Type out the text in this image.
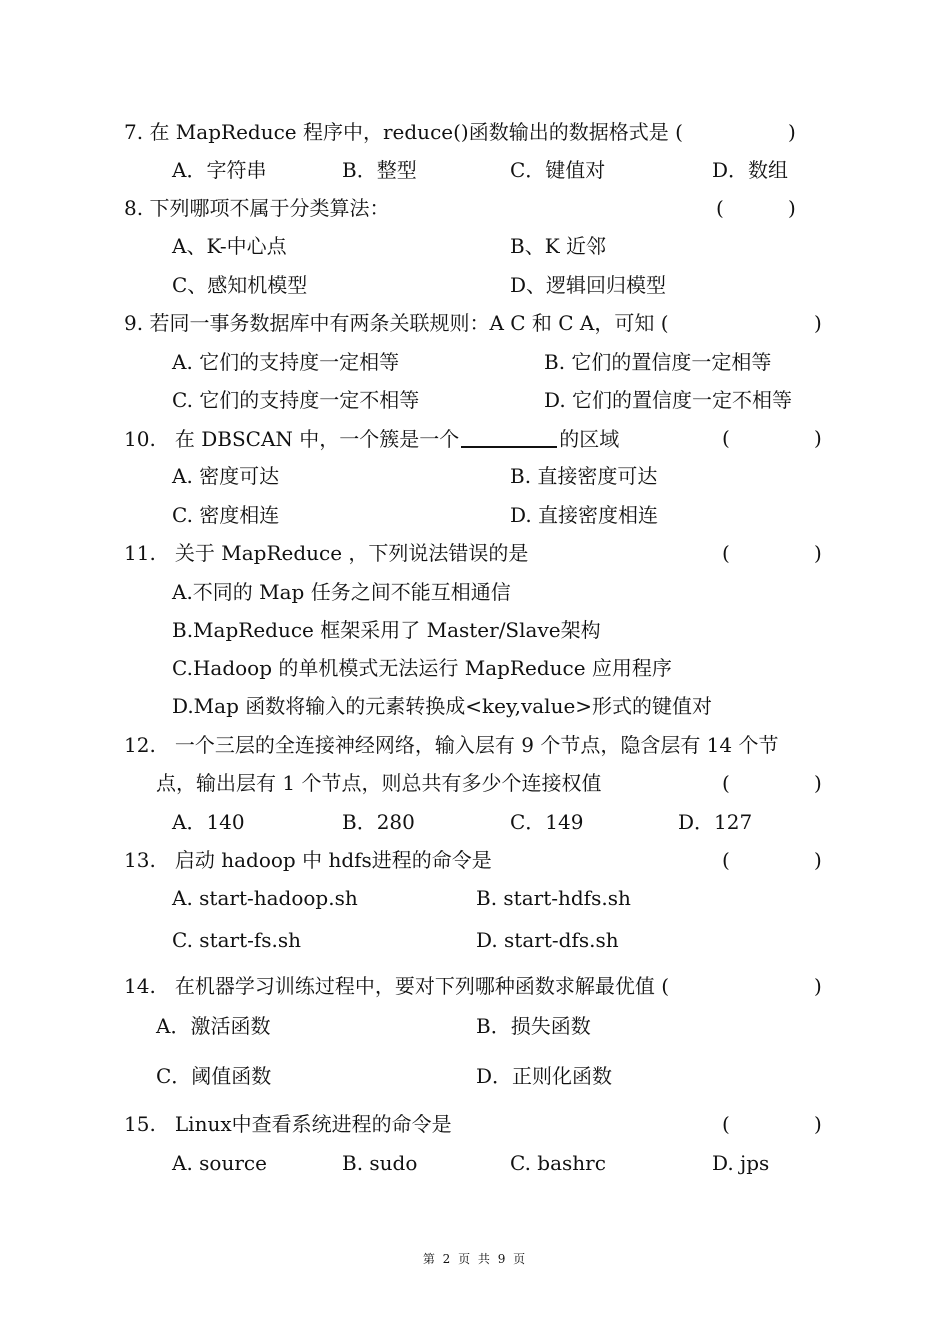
7. 在 MapReduce 程序中，reduce()函数输出的数据格式是 (	)
A．字符串	B．整型	C．键值对	D．数组
8. 下列哪项不属于分类算法：	(	)
A、K-中心点	B、K 近邻
C、感知机模型	D、逻辑回归模型
9. 若同一事务数据库中有两条关联规则：A C 和 C A，可知 (	)
A. 它们的支持度一定相等	B. 它们的置信度一定相等
C. 它们的支持度一定不相等	D. 它们的置信度一定不相等
10. 在 DBSCAN 中，一个簇是一个	的区域	(	)
A. 密度可达	B. 直接密度可达
C. 密度相连	D. 直接密度相连
11. 关于 MapReduce ，下列说法错误的是	(	)
A.不同的 Map 任务之间不能互相通信
B.MapReduce 框架采用了 Master/Slave架构
C.Hadoop 的单机模式无法运行 MapReduce 应用程序
D.Map 函数将输入的元素转换成<key,value>形式的键值对
12. 一个三层的全连接神经网络，输入层有 9 个节点，隐含层有 14 个节
点，输出层有 1 个节点，则总共有多少个连接权值	(	)
A．140	B．280	C．149	D．127
13. 启动 hadoop 中 hdfs进程的命令是	(	)
A. start-hadoop.sh	B. start-hdfs.sh
C. start-fs.sh	D. start-dfs.sh
14. 在机器学习训练过程中，要对下列哪种函数求解最优值 (	)
A．激活函数	B．损失函数
C．阈值函数	D．正则化函数
15. Linux中查看系统进程的命令是	(	)
A. source	B. sudo	C. bashrc	D. jps
第 2 页 共 9 页
